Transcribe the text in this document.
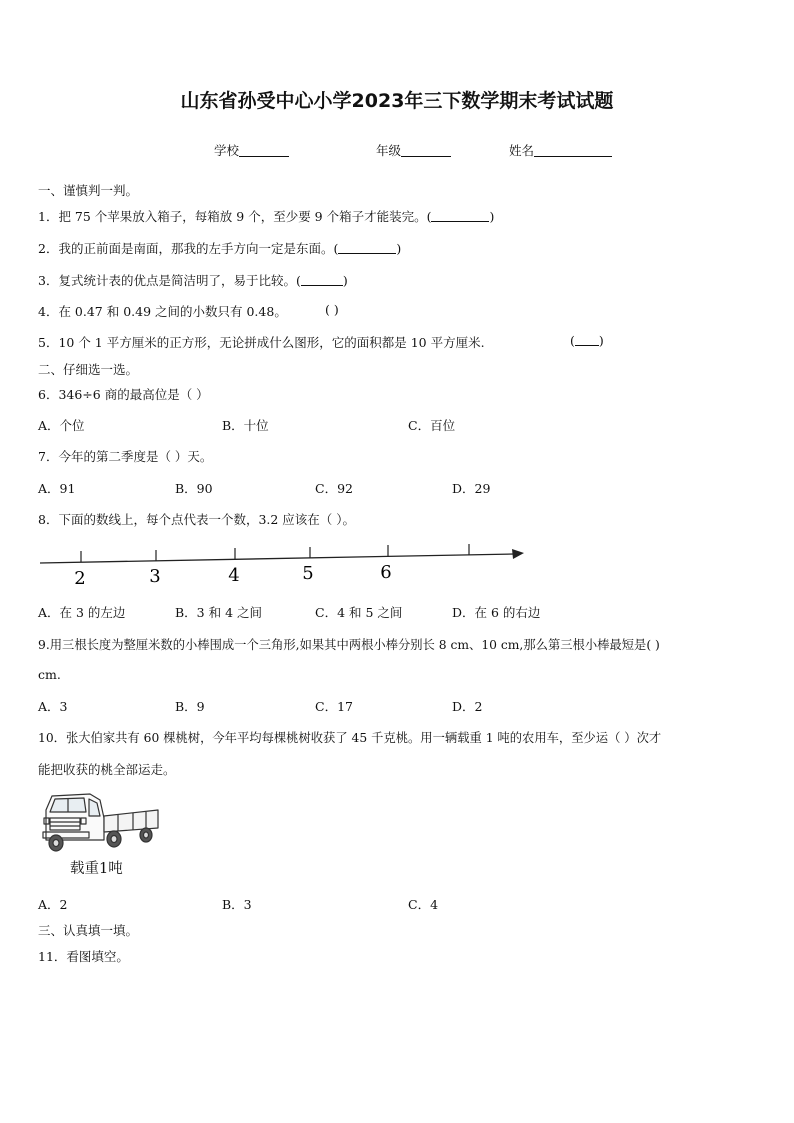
山东省孙受中心小学2023年三下数学期末考试试题
学校	年级	姓名
一、谨慎判一判。
1．把 75 个苹果放入箱子，每箱放 9 个，至少要 9 个箱子才能装完。(	)
2．我的正前面是南面，那我的左手方向一定是东面。(	)
3．复式统计表的优点是简洁明了，易于比较。(	)
4．在 0.47 和 0.49 之间的小数只有 0.48。	( )
5．10 个 1 平方厘米的正方形，无论拼成什么图形，它的面积都是 10 平方厘米.	( )
二、仔细选一选。
6．346÷6 商的最高位是（ ）
A．个位	B．十位	C．百位
7．今年的第二季度是（ ）天。
A．91	B．90	C．92	D．29
8．下面的数线上，每个点代表一个数，3.2 应该在（ ）。
2	3	4	5	6
A．在 3 的左边	B．3 和 4 之间	C．4 和 5 之间	D．在 6 的右边
9.用三根长度为整厘米数的小棒围成一个三角形,如果其中两根小棒分别长 8 cm、10 cm,那么第三根小棒最短是( )
cm.
A．3	B．9	C．17	D．2
10．张大伯家共有 60 棵桃树，今年平均每棵桃树收获了 45 千克桃。用一辆载重 1 吨的农用车，至少运（ ）次才
能把收获的桃全部运走。
载重1吨
A．2	B．3	C．4
三、认真填一填。
11．看图填空。
